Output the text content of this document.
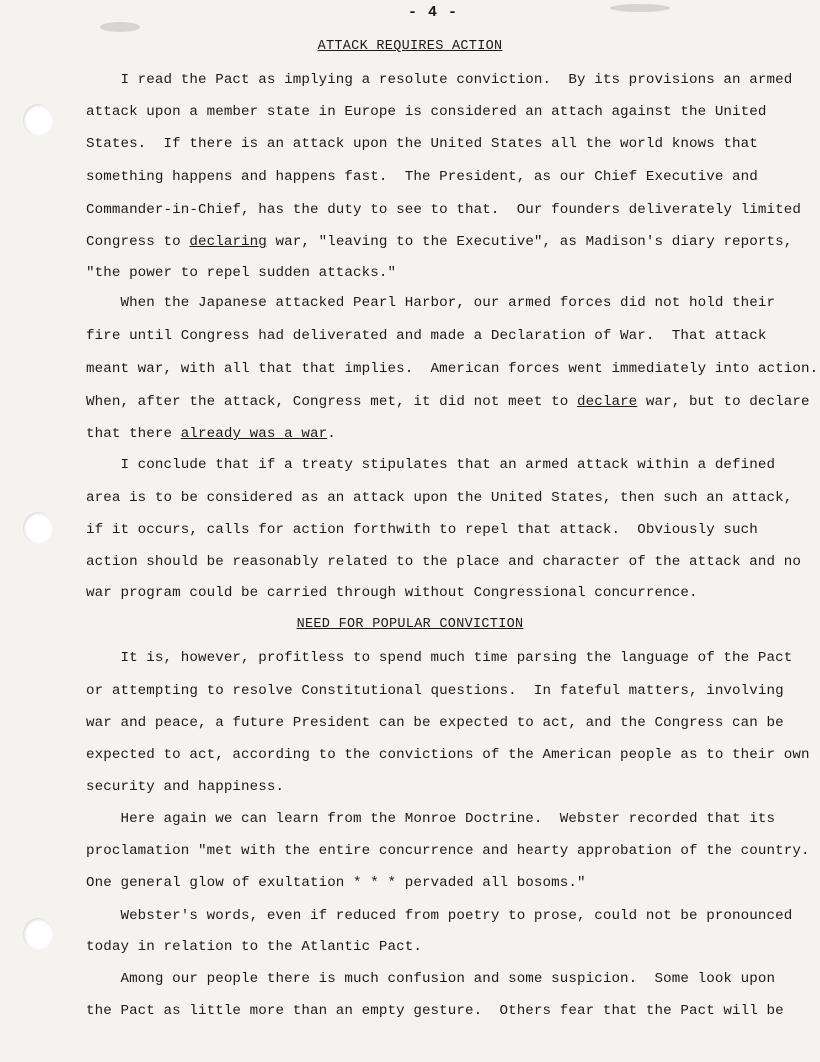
- 4 -
ATTACK REQUIRES ACTION
I read the Pact as implying a resolute conviction.  By its provisions an armed
attack upon a member state in Europe is considered an attach against the United
States.  If there is an attack upon the United States all the world knows that
something happens and happens fast.  The President, as our Chief Executive and
Commander-in-Chief, has the duty to see to that.  Our founders deliverately limited
Congress to declaring war, "leaving to the Executive", as Madison's diary reports,
"the power to repel sudden attacks."
When the Japanese attacked Pearl Harbor, our armed forces did not hold their
fire until Congress had deliverated and made a Declaration of War.  That attack
meant war, with all that that implies.  American forces went immediately into action.
When, after the attack, Congress met, it did not meet to declare war, but to declare
that there already was a war.
I conclude that if a treaty stipulates that an armed attack within a defined
area is to be considered as an attack upon the United States, then such an attack,
if it occurs, calls for action forthwith to repel that attack.  Obviously such
action should be reasonably related to the place and character of the attack and no
war program could be carried through without Congressional concurrence.
NEED FOR POPULAR CONVICTION
It is, however, profitless to spend much time parsing the language of the Pact
or attempting to resolve Constitutional questions.  In fateful matters, involving
war and peace, a future President can be expected to act, and the Congress can be
expected to act, according to the convictions of the American people as to their own
security and happiness.
Here again we can learn from the Monroe Doctrine.  Webster recorded that its
proclamation "met with the entire concurrence and hearty approbation of the country.
One general glow of exultation * * * pervaded all bosoms."
Webster's words, even if reduced from poetry to prose, could not be pronounced
today in relation to the Atlantic Pact.
Among our people there is much confusion and some suspicion.  Some look upon
the Pact as little more than an empty gesture.  Others fear that the Pact will be
